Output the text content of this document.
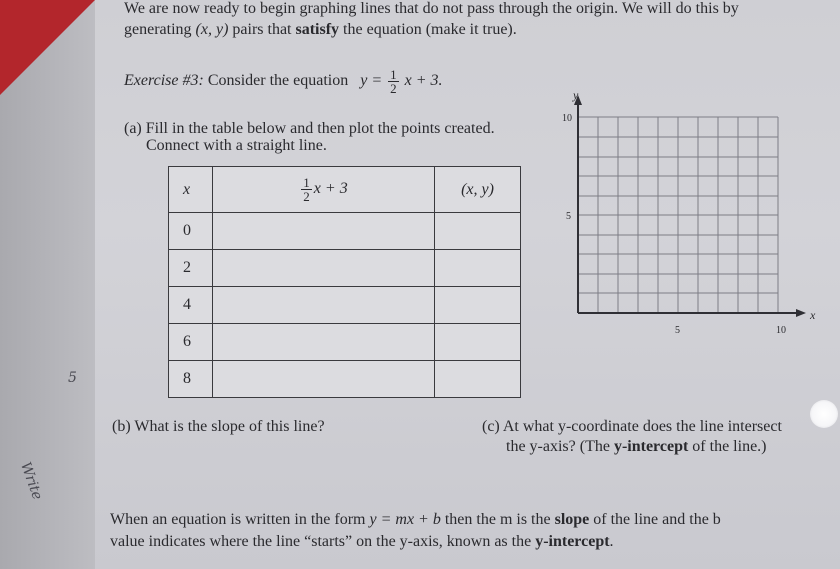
We are now ready to begin graphing lines that do not pass through the origin. We will do this by
generating (x, y) pairs that satisfy the equation (make it true).
Exercise #3: Consider the equation $y = \frac{1}{2}$ x + 3.
(a) Fill in the table below and then plot the points created.
Connect with a straight line.
x	$\frac{1}{2}$ x + 3	(x, y)
0		
2		
4		
6		
8		
y
x
10
5
5	10
(b) What is the slope of this line?	(c) At what y-coordinate does the line intersect
the y-axis? (The y-intercept of the line.)
When an equation is written in the form y = mx + b then the m is the slope of the line and the b
value indicates where the line “starts” on the y-axis, known as the y-intercept.
Write
5
